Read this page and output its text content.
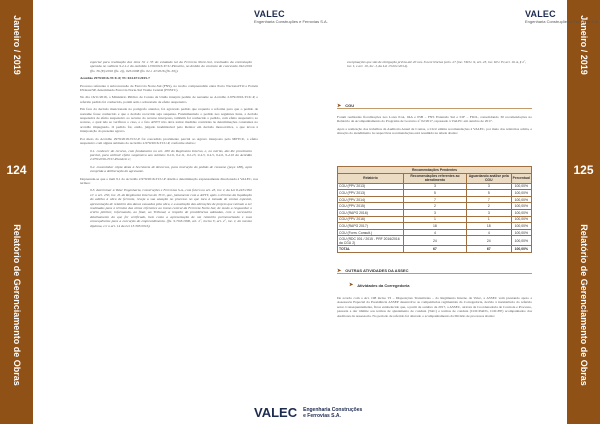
Janeiro / 2019
124
Relatório de Gerenciamento de Obras
Janeiro / 2019
125
Relatório de Gerenciamento de Obras
VALEC
Engenharia Construções e Ferrovias S.A.
VALEC
Engenharia Construções e Ferrovias S.A.

especial para realização dos itens 32 e 33 do estudado tal da Ferrovia Norte-Sul, resultados da contratação operada no subitem 9.2.1.2 do Acórdão 1130/2016-TCU-Plenário, no âmbito do contrato de concessão 042/2016 (fls. 36 (E)/2016 (fls. 2)), 045/2008 (fls. 02 e 47/2016 (fls. 65)).

Acórdão 2979/2016-TCU-P, TC 024.671/2015-7

Processo referente à subconcessão da Ferrovia Norte-Sul (FNS), no trecho compreendido entre Porto Nacional/TO e Estrela D'Oeste/SP, denominado Ferrovia Norte-Sul Tramo Central (FNSTC).

No dia 16/11/2016, o Ministério Público de Contas da União interpôs pedido de reexame ao Acórdão 2.979/2016-TCU-P, o referido pedido foi conhecido, porém sem o sobrestado de efeito suspensivo.

Em face da decisão mencionada no parágrafo anterior, foi agravado pedido que requeria a reforma para que o pedido de reexame fosse conhecido e que a decisão recorrida seja suspensa. Fundamentado o pedido nos seguintes itens, a decisão suspensiva de efeito suspensivo ao recurso do recurso interposto, também foi conhecido o pedido, com efeito suspensivo ao recurso, o qual não se verificou o caso, e o fato ANTT não deve tomar medidas contrárias às determinações constantes no acórdão impugnado. O pedido foi, então, julgado inadmissível pelo Relator em decisão monocrática, o que levou à interposição do presente agravo.

Por meio do Acórdão 2979/2018-TCU-P foi concedido provimento parcial ao Agravo interposto pelo MPTCU, a efeito suspensivo com alguns subitens do Acórdão 2.979/2016-TCU-P, conforme abaixo:

9.1. conhecer do recurso, com fundamento no art. 289 do Regimento Interno, e, no mérito, dar-lhe provimento parcial, para atribuir efeito suspensivo aos subitens 9.2.6, 9.2.11, 9.2.13, 9.4.3, 9.4.5, 9.4.6, 9.4.10 do Acórdão 2.979/2016-TCU-Plenário e;

9.2. encaminhar cópia desta à Secretaria de Recursos, para instrução do pedido de reexame (peça 188), após cumprida a deliberação do agravante.

Depreende-se que o item 9.1 do Acórdão 2.979/2016-TCU-P obtém a determinação expressamente direcionada à VALEC, nos termos:

9.3. determinar à Valec Engenharia, Construções e Ferrovias S.A., com fulcro no art. 43, inc. I, da Lei 8.443/1992 c/c o art. 250, inc. II, do Regimento Interno do TCU, que, juntamente com a ANTT, após o término da liquidação do aditivo à obra de ferrovia, reveja a sua atuação no processo no que toca à tomada de contas especial, apresentação de relatório dos danos causados pela obra, e a avaliação das alterações de projeto que venham a ser realizadas para o término das obras referentes ao tramo central da Ferrovia Norte-Sul, de modo a resguardar o erário público; informando, ao final, ao Tribunal, a respeito de providências adotadas, com o necessário detalhamento do que for verificado, bem como a apresentação de um relatório pormenorizado e suas consequências para a execução do empreendimento. (fls. 9.70.8/1996, art. 2º, inciso V, art. 2º, inc. I, do mesmo diploma, c/c o art. 14 da Lei 13.303/2016).

exceptuações que são de obrigação prévia até 20 nov. 8 ocorrências (arts. 27 (inc. VIII e X, art. 23, inc. III e IV, art. 16 A, § 2º, inc. I, e art. 10, inc. I, da Lei 13.021/2014).

➤ CGU

Foram realizadas fiscalizações nos Lotes 01A, 04A e 05B – FNS Extensão Sul e 01F – FIOL, consolidando 30 recomendações no Relatório de Acompanhamento do Programa de Governo nº 02/2017, repassado à VALEC em outubro de 2017.

Após a realização dos trabalhos da Auditoria Anual de Contas, a CGU emitiu recomendações à VALEC, por meio dos relatórios acima, e situação do atendimento às respectivas recomendações está resumida na tabela abaixo:

Recomendações Pendentes			
Relatório	Recomendações referentes ao atendimento	Aguardando análise pela CGU	Percentual
CGU (PPV 2013)	3	3	100,00%
CGU (PPV 2013)	5	5	100,00%
CGU (PPV 2014)	7	7	100,00%
CGU (PPV 2015)	2	2	100,00%
CGU (RAPG 2016)	3	3	100,00%
CGU (PPV 2016)	1	1	100,00%
CGU (RAPG 2017)	18	18	100,00%
CGU (Form. Consult.)	4	4	100,00%
CGU (RDC 001 / 2015 - PRF 2016/2016 da CGU 2)	24	24	100,00%
TOTAL	67	67	100,00%
➤ OUTRAS ATIVIDADES DA ASSEC
➤ Atividades da Corregedoria

De acordo com o Art. 198 inciso VI – Disposições Transitórias – do Regimento Interno da Valec, a ASSEC vem prestando apoio a Assessoria Especial da Presidência ASSEP desenvolve as competências regimentais da Corregedoria, devido à inexistência do referido setor. Consequentemente, ficou estabelecido que, a partir de outubro de 2017, a ASSEC, através da Coordenadoria de Controle e Processo, passaria a dar trâmite aos termos de ajustamento de conduta (TAC) e termos de conduta (COC/PAD's, COC/PP) acompanhados dos Auditores da Assessoria. No período de referido foi alterado o acompanhamento da Divisão de processos abaixo:

VALEC Engenharia Construções
e Ferrovias S.A.
